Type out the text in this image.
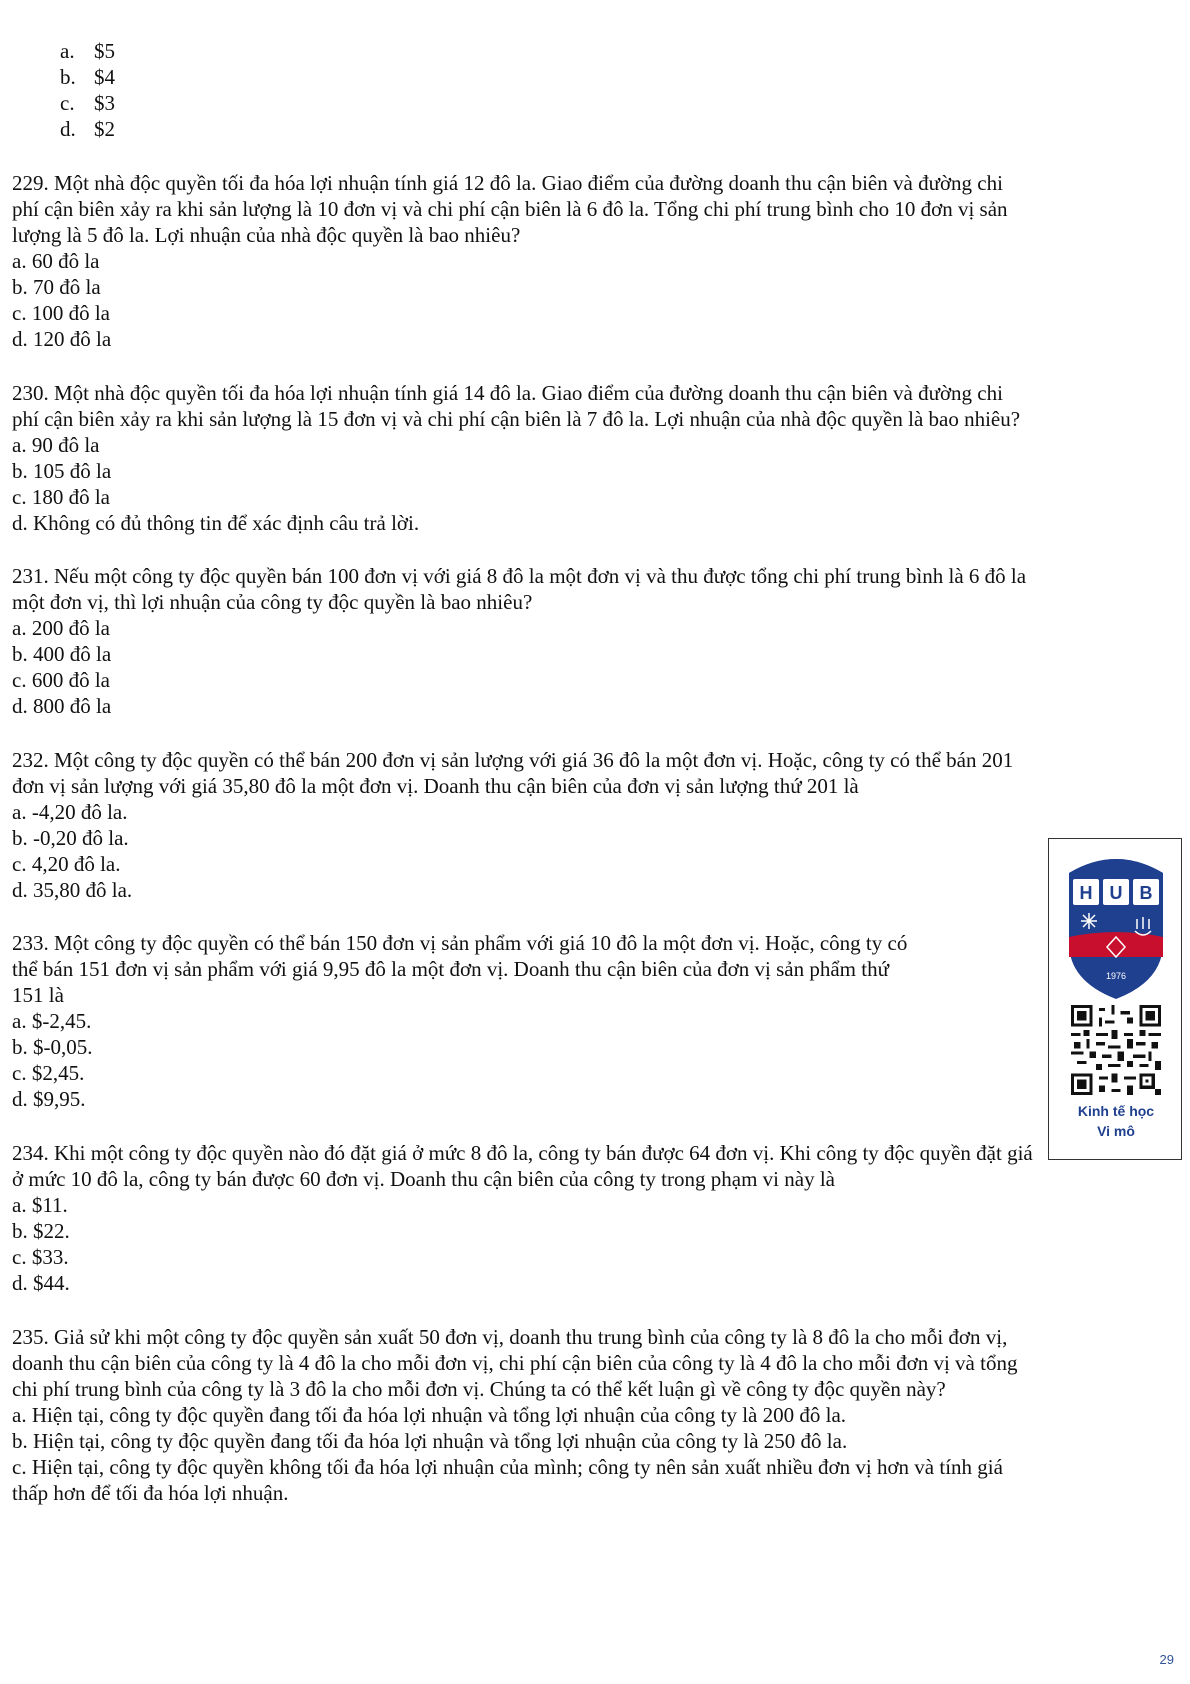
a. $5
b. $4
c. $3
d. $2
229. Một nhà độc quyền tối đa hóa lợi nhuận tính giá 12 đô la. Giao điểm của đường doanh thu cận biên và đường chi
phí cận biên xảy ra khi sản lượng là 10 đơn vị và chi phí cận biên là 6 đô la. Tổng chi phí trung bình cho 10 đơn vị sản
lượng là 5 đô la. Lợi nhuận của nhà độc quyền là bao nhiêu?
a. 60 đô la
b. 70 đô la
c. 100 đô la
d. 120 đô la
230. Một nhà độc quyền tối đa hóa lợi nhuận tính giá 14 đô la. Giao điểm của đường doanh thu cận biên và đường chi
phí cận biên xảy ra khi sản lượng là 15 đơn vị và chi phí cận biên là 7 đô la. Lợi nhuận của nhà độc quyền là bao nhiêu?
a. 90 đô la
b. 105 đô la
c. 180 đô la
d. Không có đủ thông tin để xác định câu trả lời.
231. Nếu một công ty độc quyền bán 100 đơn vị với giá 8 đô la một đơn vị và thu được tổng chi phí trung bình là 6 đô la
một đơn vị, thì lợi nhuận của công ty độc quyền là bao nhiêu?
a. 200 đô la
b. 400 đô la
c. 600 đô la
d. 800 đô la
232. Một công ty độc quyền có thể bán 200 đơn vị sản lượng với giá 36 đô la một đơn vị. Hoặc, công ty có thể bán 201
đơn vị sản lượng với giá 35,80 đô la một đơn vị. Doanh thu cận biên của đơn vị sản lượng thứ 201 là
a. -4,20 đô la.
b. -0,20 đô la.
c. 4,20 đô la.
d. 35,80 đô la.
233. Một công ty độc quyền có thể bán 150 đơn vị sản phẩm với giá 10 đô la một đơn vị. Hoặc, công ty có
thể bán 151 đơn vị sản phẩm với giá 9,95 đô la một đơn vị. Doanh thu cận biên của đơn vị sản phẩm thứ
151 là
a. $-2,45.
b. $-0,05.
c. $2,45.
d. $9,95.
234. Khi một công ty độc quyền nào đó đặt giá ở mức 8 đô la, công ty bán được 64 đơn vị. Khi công ty độc quyền đặt giá
ở mức 10 đô la, công ty bán được 60 đơn vị. Doanh thu cận biên của công ty trong phạm vi này là
a. $11.
b. $22.
c. $33.
d. $44.
235. Giả sử khi một công ty độc quyền sản xuất 50 đơn vị, doanh thu trung bình của công ty là 8 đô la cho mỗi đơn vị,
doanh thu cận biên của công ty là 4 đô la cho mỗi đơn vị, chi phí cận biên của công ty là 4 đô la cho mỗi đơn vị và tổng
chi phí trung bình của công ty là 3 đô la cho mỗi đơn vị. Chúng ta có thể kết luận gì về công ty độc quyền này?
a. Hiện tại, công ty độc quyền đang tối đa hóa lợi nhuận và tổng lợi nhuận của công ty là 200 đô la.
b. Hiện tại, công ty độc quyền đang tối đa hóa lợi nhuận và tổng lợi nhuận của công ty là 250 đô la.
c. Hiện tại, công ty độc quyền không tối đa hóa lợi nhuận của mình; công ty nên sản xuất nhiều đơn vị hơn và tính giá
thấp hơn để tối đa hóa lợi nhuận.
H U B
1976
Kinh tế học
Vi mô
29
